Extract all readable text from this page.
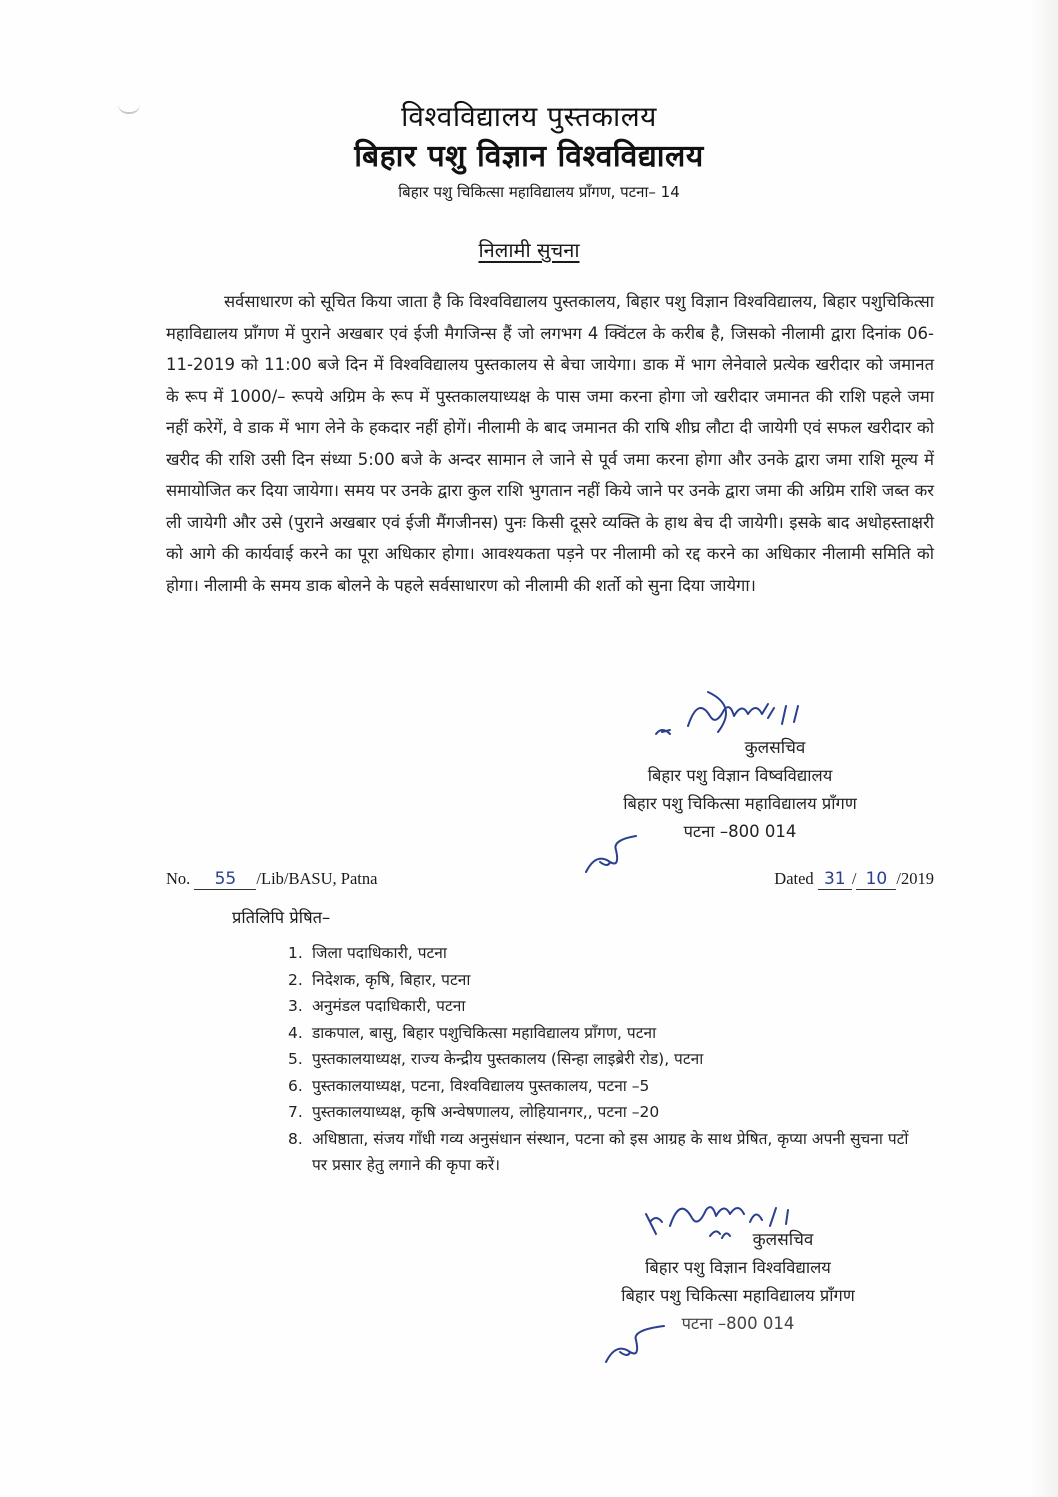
विश्वविद्यालय पुस्तकालय
बिहार पशु विज्ञान विश्वविद्यालय
बिहार पशु चिकित्सा महाविद्यालय प्राँगण, पटना– 14
निलामी सुचना
सर्वसाधारण को सूचित किया जाता है कि विश्वविद्यालय पुस्तकालय, बिहार पशु विज्ञान विश्वविद्यालय, बिहार पशुचिकित्सा महाविद्यालय प्राँगण में पुराने अखबार एवं ईजी मैगजिन्स हैं जो लगभग 4 क्विंटल के करीब है, जिसको नीलामी द्वारा दिनांक 06-11-2019 को 11:00 बजे दिन में विश्वविद्यालय पुस्तकालय से बेचा जायेगा। डाक में भाग लेनेवाले प्रत्येक खरीदार को जमानत के रूप में 1000/– रूपये अग्रिम के रूप में पुस्तकालयाध्यक्ष के पास जमा करना होगा जो खरीदार जमानत की राशि पहले जमा नहीं करेगें, वे डाक में भाग लेने के हकदार नहीं होगें। नीलामी के बाद जमानत की राषि शीघ्र लौटा दी जायेगी एवं सफल खरीदार को खरीद की राशि उसी दिन संध्या 5:00 बजे के अन्दर सामान ले जाने से पूर्व जमा करना होगा और उनके द्वारा जमा राशि मूल्य में समायोजित कर दिया जायेगा। समय पर उनके द्वारा कुल राशि भुगतान नहीं किये जाने पर उनके द्वारा जमा की अग्रिम राशि जब्त कर ली जायेगी और उसे (पुराने अखबार एवं ईजी मैंगजीनस) पुनः किसी दूसरे व्यक्ति के हाथ बेच दी जायेगी। इसके बाद अधोहस्ताक्षरी को आगे की कार्यवाई करने का पूरा अधिकार होगा। आवश्यकता पड़ने पर नीलामी को रद्द करने का अधिकार नीलामी समिति को होगा। नीलामी के समय डाक बोलने के पहले सर्वसाधारण को नीलामी की शर्तो को सुना दिया जायेगा।
कुलसचिव
बिहार पशु विज्ञान विष्वविद्यालय
बिहार पशु चिकित्सा महाविद्यालय प्राँगण
पटना –800 014
No. 55 /Lib/BASU, Patna	Dated 31 / 10 /2019
प्रतिलिपि प्रेषित–
1. जिला पदाधिकारी, पटना
2. निदेशक, कृषि, बिहार, पटना
3. अनुमंडल पदाधिकारी, पटना
4. डाकपाल, बासु, बिहार पशुचिकित्सा महाविद्यालय प्राँगण, पटना
5. पुस्तकालयाध्यक्ष, राज्य केन्द्रीय पुस्तकालय (सिन्हा लाइब्रेरी रोड), पटना
6. पुस्तकालयाध्यक्ष, पटना, विश्वविद्यालय पुस्तकालय, पटना –5
7. पुस्तकालयाध्यक्ष, कृषि अन्वेषणालय, लोहियानगर,, पटना –20
8. अधिष्ठाता, संजय गाँधी गव्य अनुसंधान संस्थान, पटना को इस आग्रह के साथ प्रेषित, कृप्या अपनी सुचना पटों पर प्रसार हेतु लगाने की कृपा करें।
कुलसचिव
बिहार पशु विज्ञान विश्वविद्यालय
बिहार पशु चिकित्सा महाविद्यालय प्राँगण
पटना –800 014
